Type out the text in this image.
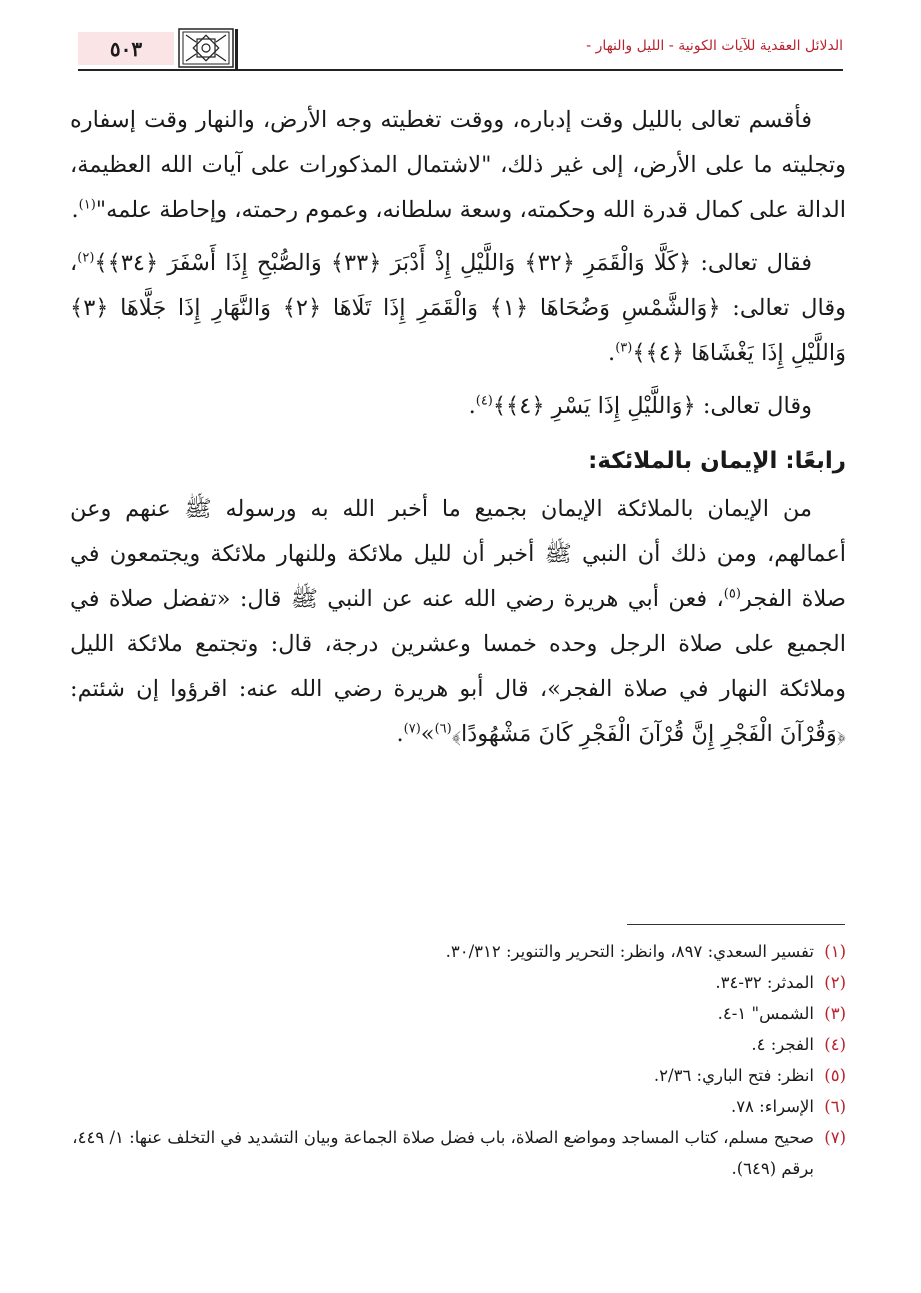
٥٠٣	الدلائل العقدية للآيات الكونية - الليل والنهار -

فأقسم تعالى بالليل وقت إدباره، ووقت تغطيته وجه الأرض، والنهار وقت إسفاره وتجليته ما على الأرض، إلى غير ذلك، "لاشتمال المذكورات على آيات الله العظيمة، الدالة على كمال قدرة الله وحكمته، وسعة سلطانه، وعموم رحمته، وإحاطة علمه"$^{(١)}$.

فقال تعالى: ﴿كَلَّا وَالْقَمَرِ ﴿٣٢﴾ وَاللَّيْلِ إِذْ أَدْبَرَ ﴿٣٣﴾ وَالصُّبْحِ إِذَا أَسْفَرَ ﴿٣٤﴾﴾$^{(٢)}$، وقال تعالى: ﴿وَالشَّمْسِ وَضُحَاهَا ﴿١﴾ وَالْقَمَرِ إِذَا تَلَاهَا ﴿٢﴾ وَالنَّهَارِ إِذَا جَلَّاهَا ﴿٣﴾ وَاللَّيْلِ إِذَا يَغْشَاهَا ﴿٤﴾﴾$^{(٣)}$.

وقال تعالى: ﴿وَاللَّيْلِ إِذَا يَسْرِ ﴿٤﴾﴾$^{(٤)}$.

رابعًا: الإيمان بالملائكة:

من الإيمان بالملائكة الإيمان بجميع ما أخبر الله به ورسوله ﷺ عنهم وعن أعمالهم، ومن ذلك أن النبي ﷺ أخبر أن لليل ملائكة وللنهار ملائكة ويجتمعون في صلاة الفجر$^{(٥)}$، فعن أبي هريرة رضي الله عنه عن النبي ﷺ قال: «تفضل صلاة في الجميع على صلاة الرجل وحده خمسا وعشرين درجة، قال: وتجتمع ملائكة الليل وملائكة النهار في صلاة الفجر»، قال أبو هريرة رضي الله عنه: اقرؤوا إن شئتم: ﴿وَقُرْآنَ الْفَجْرِ إِنَّ قُرْآنَ الْفَجْرِ كَانَ مَشْهُودًا﴾$^{(٦)}$»$^{(٧)}$.

(١)
تفسير السعدي: ٨٩٧، وانظر: التحرير والتنوير: ٣٠/٣١٢.
(٢)
المدثر: ٣٢-٣٤.
(٣)
الشمس" ١-٤.
(٤)
الفجر: ٤.
(٥)
انظر: فتح الباري: ٢/٣٦.
(٦)
الإسراء: ٧٨.
(٧)
صحيح مسلم، كتاب المساجد ومواضع الصلاة، باب فضل صلاة الجماعة وبيان التشديد في التخلف عنها: ١/ ٤٤٩، برقم (٦٤٩).
